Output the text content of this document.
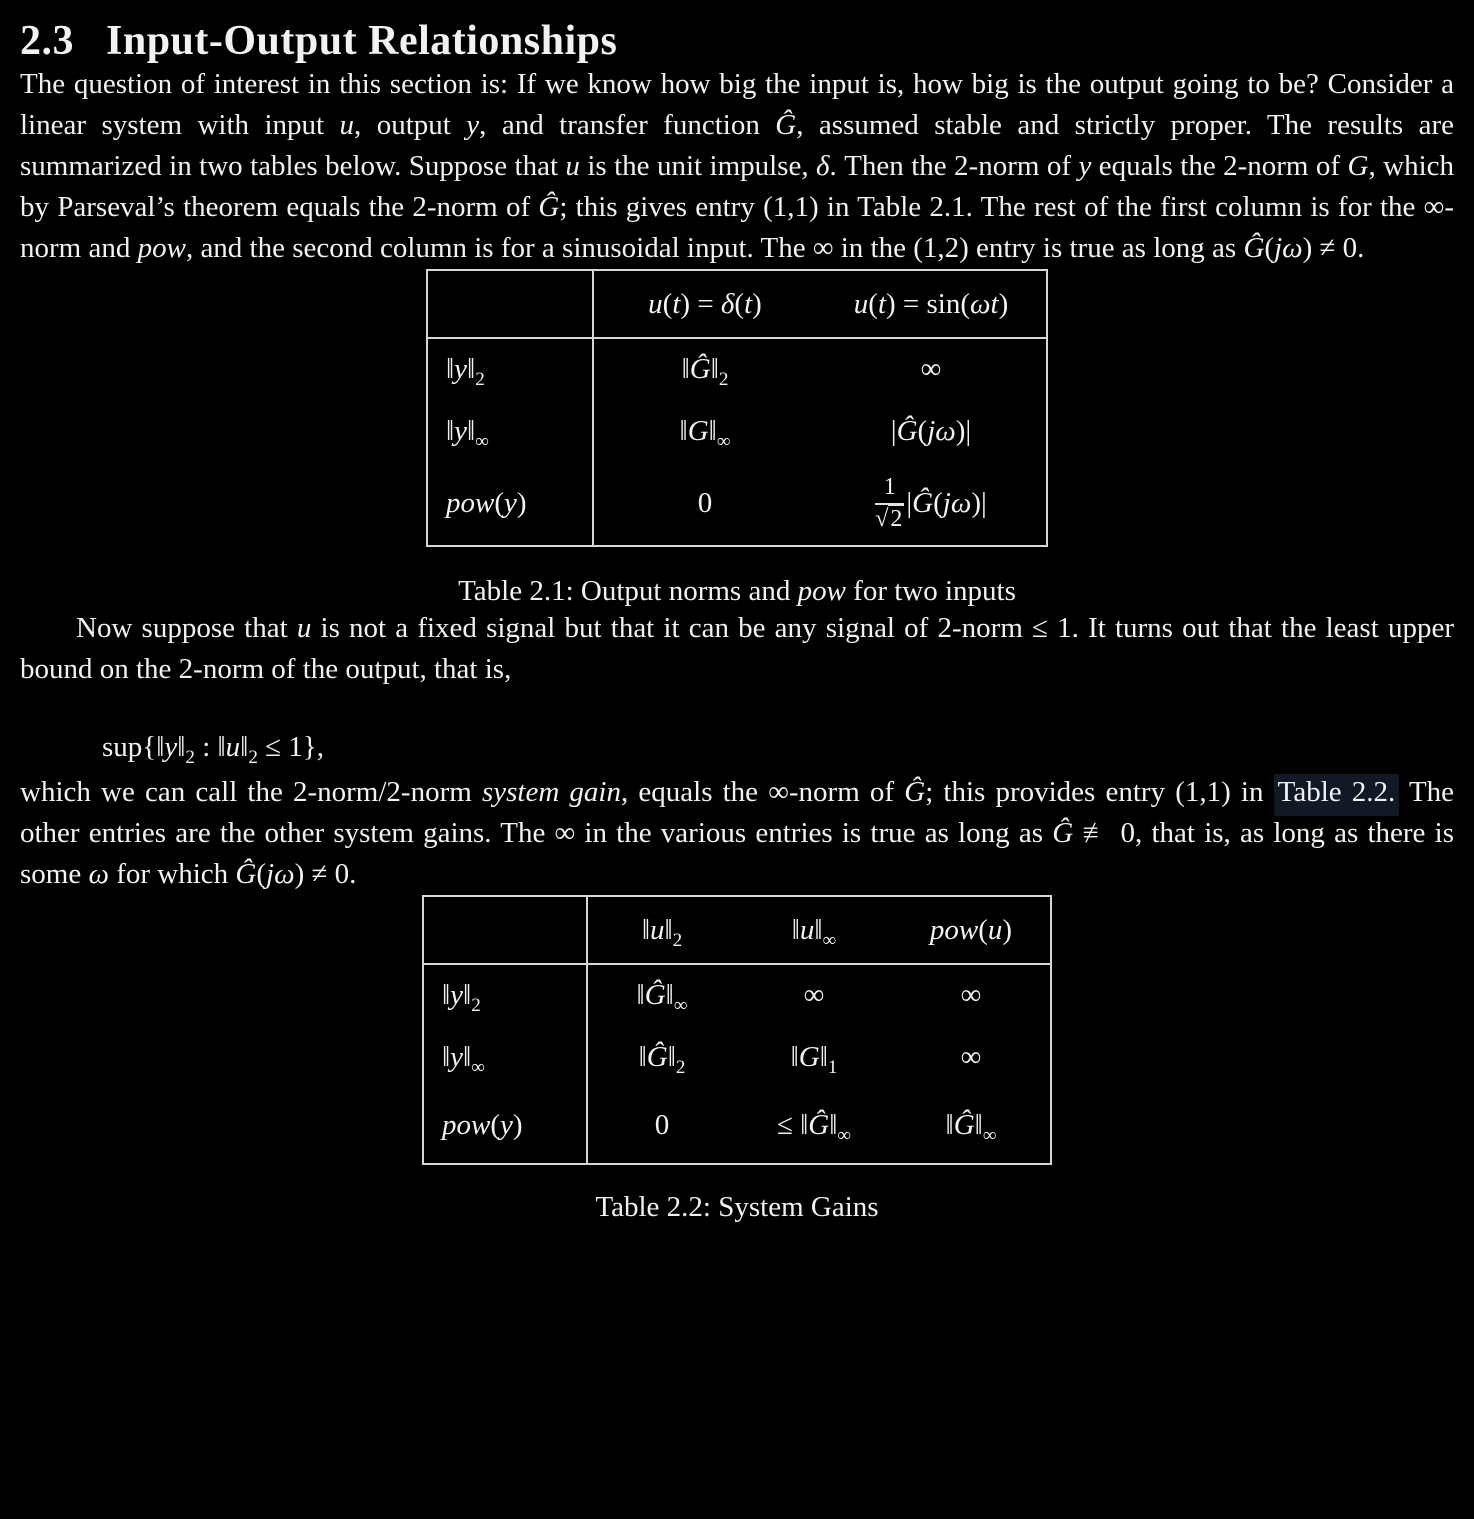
2.3 Input-Output Relationships

The question of interest in this section is: If we know how big the input is, how big is the output going to be? Consider a linear system with input u, output y, and transfer function Ĝ, assumed stable and strictly proper. The results are summarized in two tables below. Suppose that u is the unit impulse, δ. Then the 2-norm of y equals the 2-norm of G, which by Parseval’s theorem equals the 2-norm of Ĝ; this gives entry (1,1) in Table 2.1. The rest of the first column is for the ∞-norm and pow, and the second column is for a sinusoidal input. The ∞ in the (1,2) entry is true as long as Ĝ(jω) ≠ 0.

	u(t) = δ(t)	u(t) = sin(ωt)
$‖y‖_2$	$‖Ĝ‖_2$	∞
$‖y‖_\infty$	$‖G‖_\infty$	|Ĝ(jω)|
pow(y)	0	$\frac{1}{√2}$ |Ĝ(jω)|
Table 2.1: Output norms and pow for two inputs

Now suppose that u is not a fixed signal but that it can be any signal of 2-norm ≤ 1. It turns out that the least upper bound on the 2-norm of the output, that is,

$sup\{‖y‖_2$ : $‖u‖_2 \le 1$},

which we can call the 2-norm/2-norm system gain, equals the ∞-norm of Ĝ; this provides entry (1,1) in Table 2.2. The other entries are the other system gains. The ∞ in the various entries is true as long as Ĝ ≢ 0, that is, as long as there is some ω for which Ĝ(jω) ≠ 0.

	$‖u‖_2$	$‖u‖_\infty$	pow(u)
$‖y‖_2$	$‖Ĝ‖_\infty$	∞	∞
$‖y‖_\infty$	$‖Ĝ‖_2$	$‖G‖_1$	∞
pow(y)	0	≤ $‖Ĝ‖_\infty$	$‖Ĝ‖_\infty$
Table 2.2: System Gains
